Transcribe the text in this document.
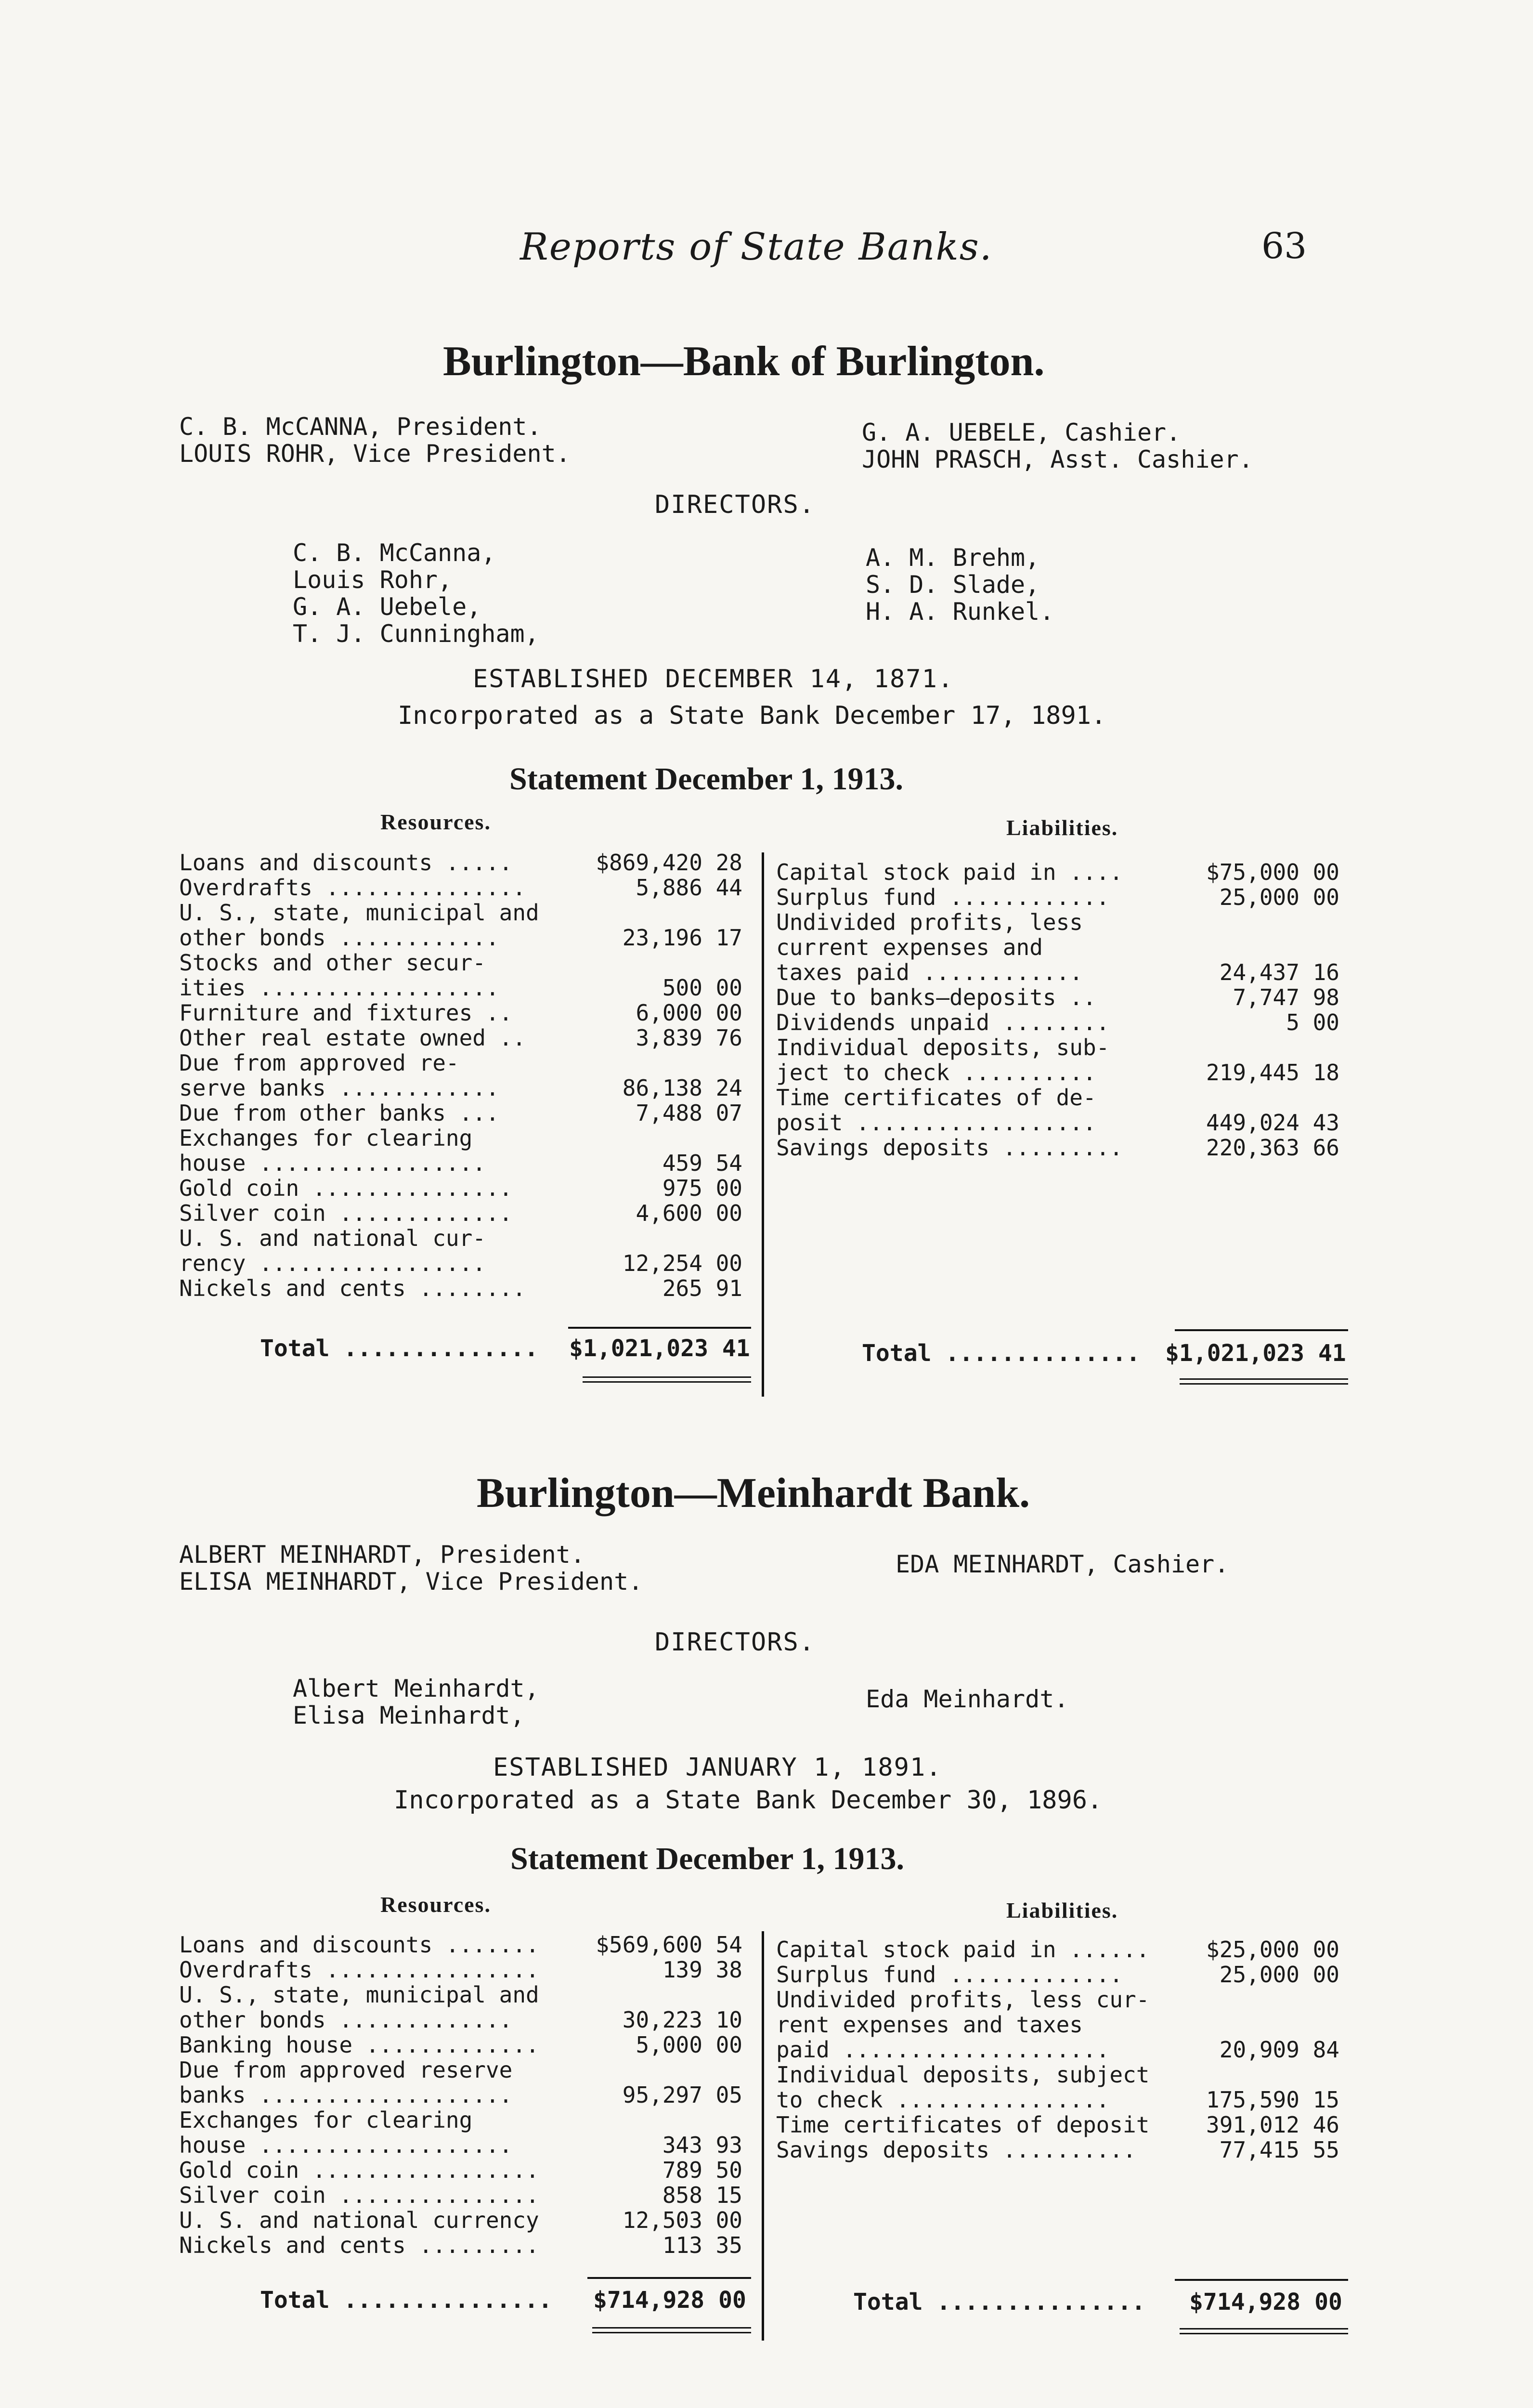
Reports of State Banks.	63
Burlington—Bank of Burlington.
C. B. McCANNA, President.
LOUIS ROHR, Vice President.
G. A. UEBELE, Cashier.
JOHN PRASCH, Asst. Cashier.
DIRECTORS.
C. B. McCanna,
Louis Rohr,
G. A. Uebele,
T. J. Cunningham,
A. M. Brehm,
S. D. Slade,
H. A. Runkel.
ESTABLISHED DECEMBER 14, 1871.
Incorporated as a State Bank December 17, 1891.
Statement December 1, 1913.
Resources.	Liabilities.
Loans and discounts .....	$869,420 28
Overdrafts ...............	5,886 44
U. S., state, municipal and
other bonds ............	23,196 17
Stocks and other secur-
ities ..................	500 00
Furniture and fixtures ..	6,000 00
Other real estate owned ..	3,839 76
Due from approved re-
serve banks ............	86,138 24
Due from other banks ...	7,488 07
Exchanges for clearing
house .................	459 54
Gold coin ...............	975 00
Silver coin .............	4,600 00
U. S. and national cur-
rency .................	12,254 00
Nickels and cents ........	265 91
Capital stock paid in ....	$75,000 00
Surplus fund ............	25,000 00
Undivided profits, less
current expenses and
taxes paid ............	24,437 16
Due to banks—deposits ..	7,747 98
Dividends unpaid ........	5 00
Individual deposits, sub-
ject to check ..........	219,445 18
Time certificates of de-
posit ..................	449,024 43
Savings deposits .........	220,363 66
Total .............. $1,021,023 41	Total .............. $1,021,023 41
Burlington—Meinhardt Bank.
ALBERT MEINHARDT, President.
ELISA MEINHARDT, Vice President.
EDA MEINHARDT, Cashier.
DIRECTORS.
Albert Meinhardt,
Elisa Meinhardt,
Eda Meinhardt.
ESTABLISHED JANUARY 1, 1891.
Incorporated as a State Bank December 30, 1896.
Statement December 1, 1913.
Resources.	Liabilities.
Loans and discounts .......	$569,600 54
Overdrafts ................	139 38
U. S., state, municipal and
other bonds .............	30,223 10
Banking house .............	5,000 00
Due from approved reserve
banks ...................	95,297 05
Exchanges for clearing
house ...................	343 93
Gold coin .................	789 50
Silver coin ...............	858 15
U. S. and national currency	12,503 00
Nickels and cents .........	113 35
Capital stock paid in ......	$25,000 00
Surplus fund .............	25,000 00
Undivided profits, less cur-
rent expenses and taxes
paid ....................	20,909 84
Individual deposits, subject
to check ................	175,590 15
Time certificates of deposit	391,012 46
Savings deposits ..........	77,415 55
Total ............... $714,928 00	Total ............... $714,928 00
